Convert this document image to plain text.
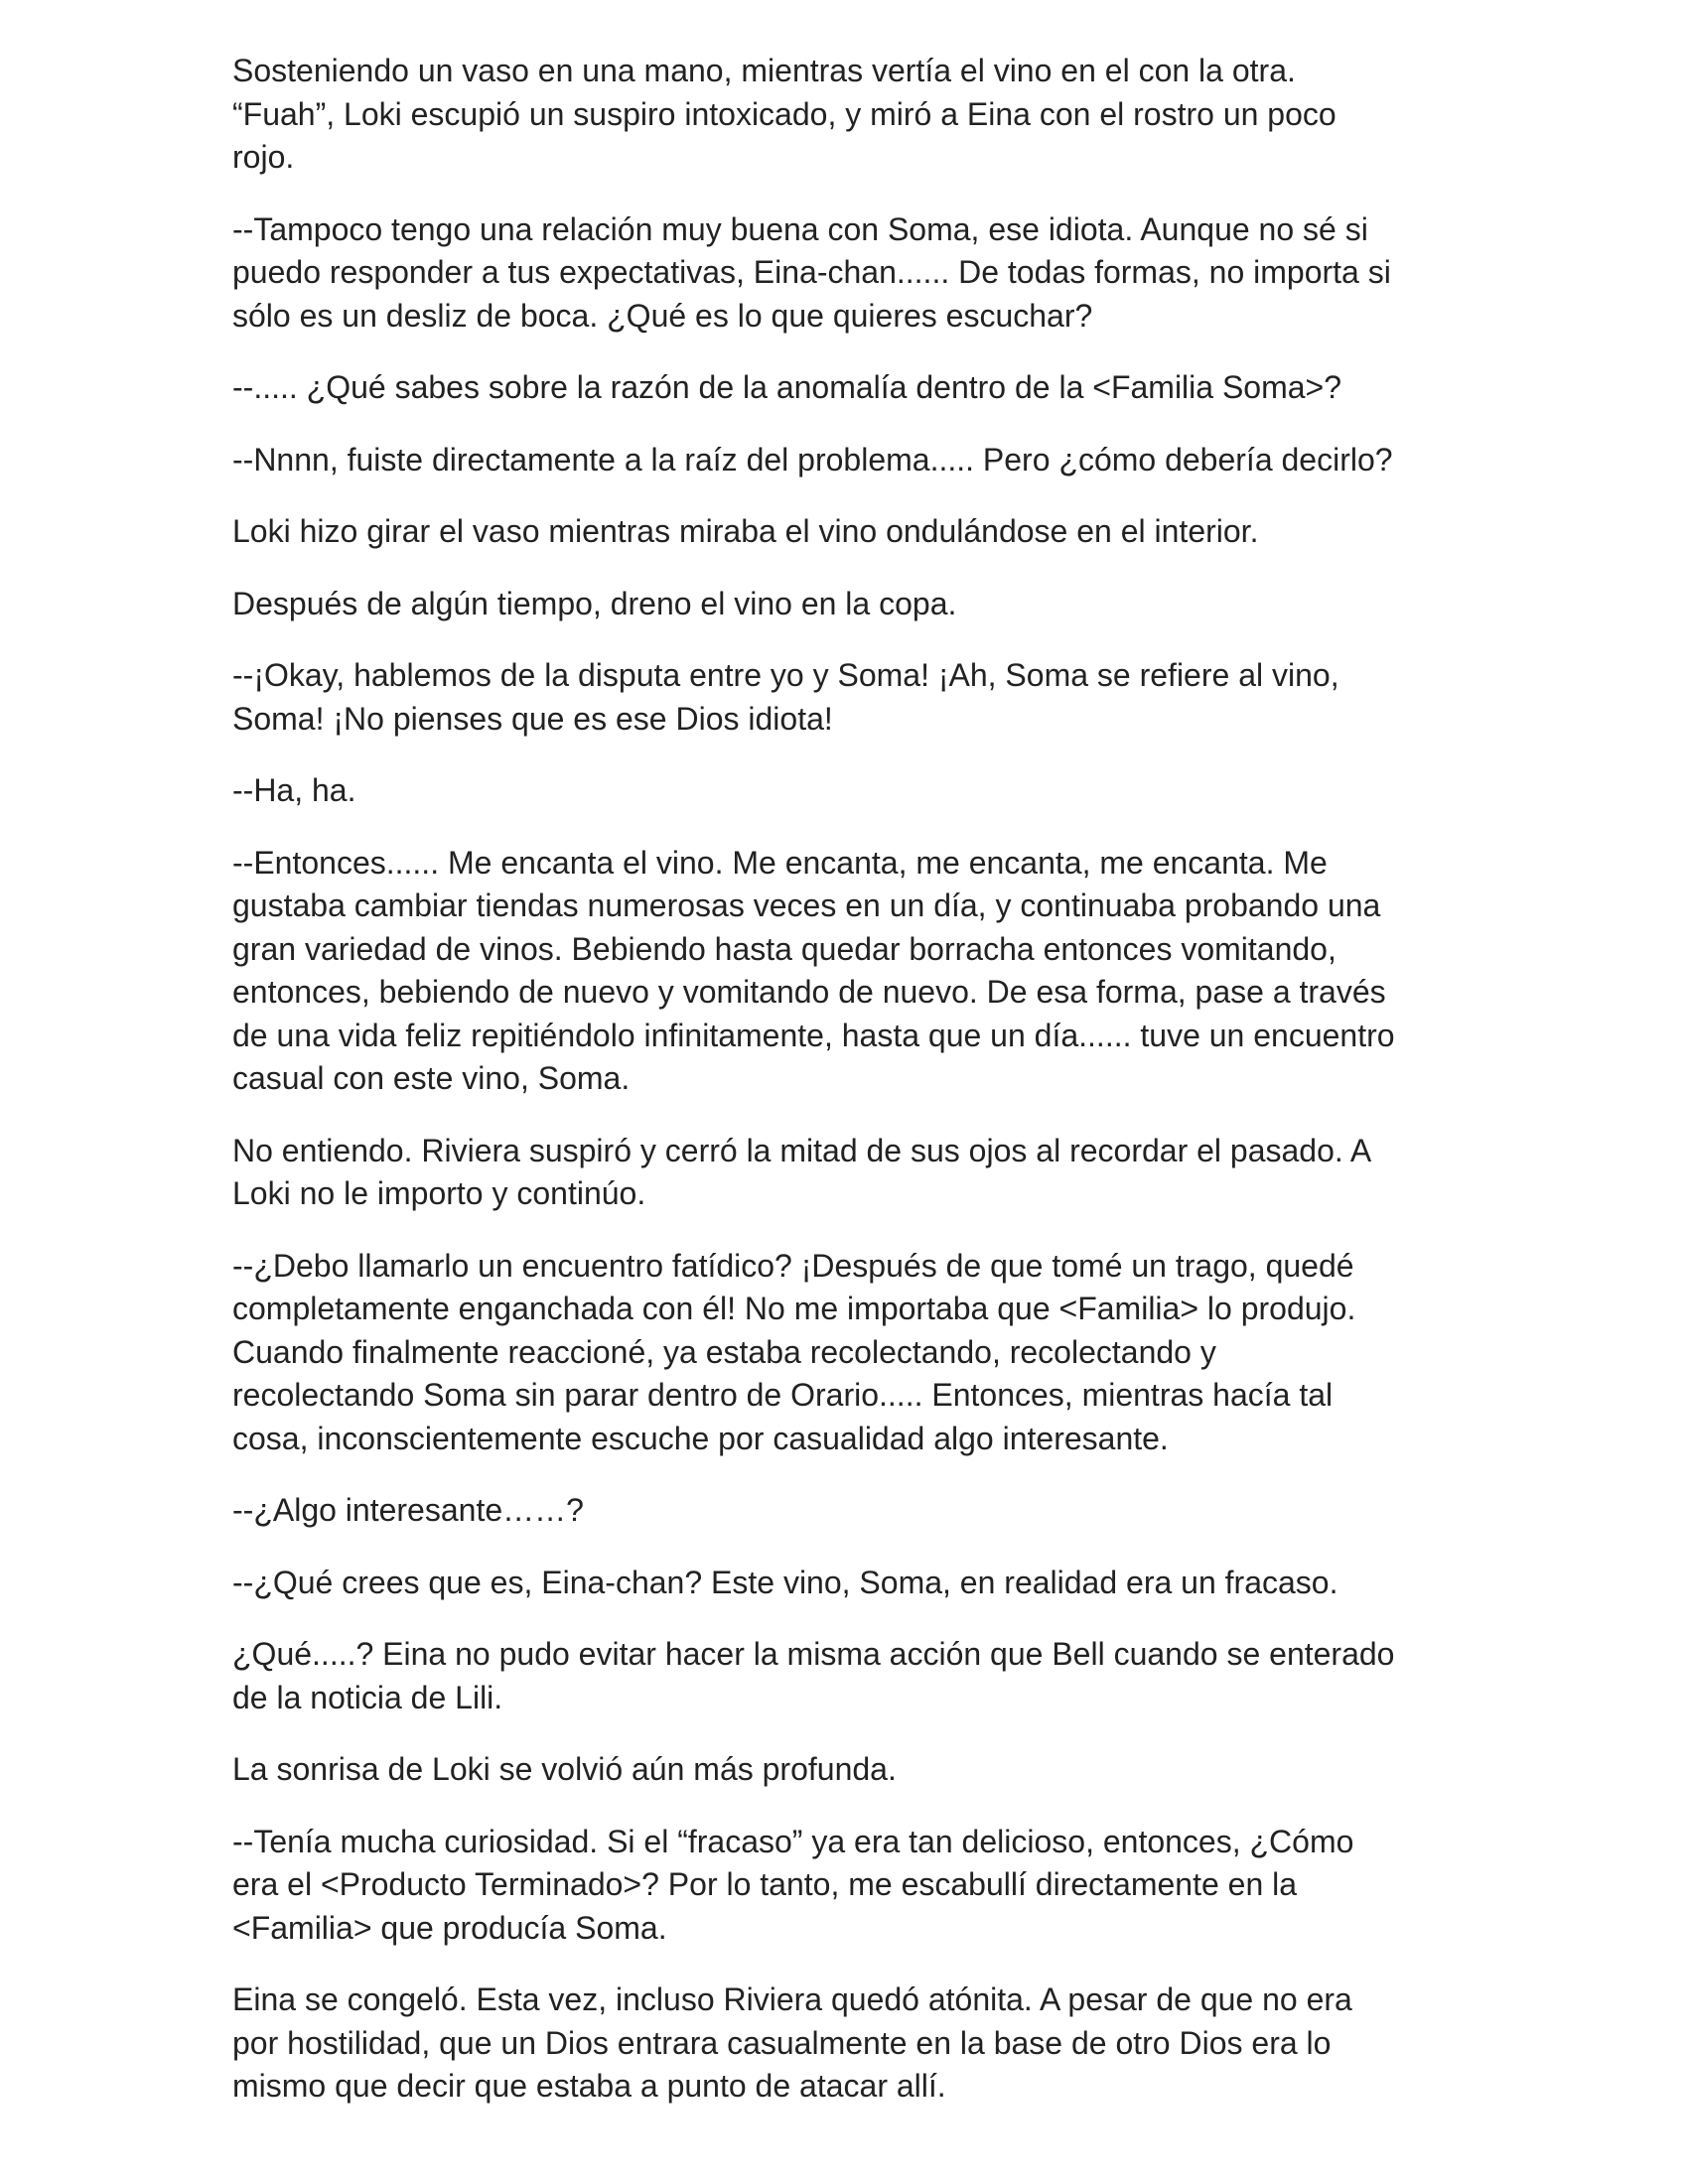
Sosteniendo un vaso en una mano, mientras vertía el vino en el con la otra.
“Fuah”, Loki escupió un suspiro intoxicado, y miró a Eina con el rostro un poco
rojo.

--Tampoco tengo una relación muy buena con Soma, ese idiota. Aunque no sé si
puedo responder a tus expectativas, Eina-chan...... De todas formas, no importa si
sólo es un desliz de boca. ¿Qué es lo que quieres escuchar?

--..... ¿Qué sabes sobre la razón de la anomalía dentro de la <Familia Soma>?

--Nnnn, fuiste directamente a la raíz del problema..... Pero ¿cómo debería decirlo?

Loki hizo girar el vaso mientras miraba el vino ondulándose en el interior.

Después de algún tiempo, dreno el vino en la copa.

--¡Okay, hablemos de la disputa entre yo y Soma! ¡Ah, Soma se refiere al vino,
Soma! ¡No pienses que es ese Dios idiota!

--Ha, ha.

--Entonces...... Me encanta el vino. Me encanta, me encanta, me encanta. Me
gustaba cambiar tiendas numerosas veces en un día, y continuaba probando una
gran variedad de vinos. Bebiendo hasta quedar borracha entonces vomitando,
entonces, bebiendo de nuevo y vomitando de nuevo. De esa forma, pase a través
de una vida feliz repitiéndolo infinitamente, hasta que un día...... tuve un encuentro
casual con este vino, Soma.

No entiendo. Riviera suspiró y cerró la mitad de sus ojos al recordar el pasado. A
Loki no le importo y continúo.

--¿Debo llamarlo un encuentro fatídico? ¡Después de que tomé un trago, quedé
completamente enganchada con él! No me importaba que <Familia> lo produjo.
Cuando finalmente reaccioné, ya estaba recolectando, recolectando y
recolectando Soma sin parar dentro de Orario..... Entonces, mientras hacía tal
cosa, inconscientemente escuche por casualidad algo interesante.

--¿Algo interesante……?

--¿Qué crees que es, Eina-chan? Este vino, Soma, en realidad era un fracaso.

¿Qué.....? Eina no pudo evitar hacer la misma acción que Bell cuando se enterado
de la noticia de Lili.

La sonrisa de Loki se volvió aún más profunda.

--Tenía mucha curiosidad. Si el “fracaso” ya era tan delicioso, entonces, ¿Cómo
era el <Producto Terminado>? Por lo tanto, me escabullí directamente en la
<Familia> que producía Soma.

Eina se congeló. Esta vez, incluso Riviera quedó atónita. A pesar de que no era
por hostilidad, que un Dios entrara casualmente en la base de otro Dios era lo
mismo que decir que estaba a punto de atacar allí.
